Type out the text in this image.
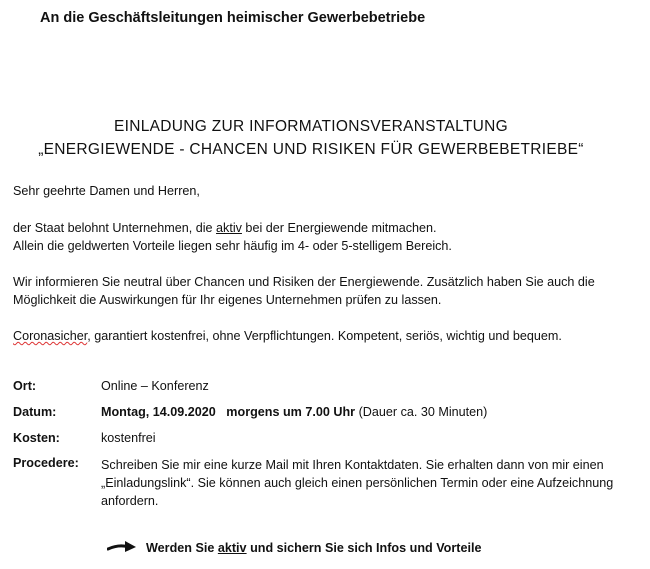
An die Geschäftsleitungen heimischer Gewerbebetriebe
EINLADUNG ZUR INFORMATIONSVERANSTALTUNG
„ENERGIEWENDE - CHANCEN UND RISIKEN FÜR GEWERBEBETRIEBE“
Sehr geehrte Damen und Herren,
der Staat belohnt Unternehmen, die aktiv bei der Energiewende mitmachen.
Allein die geldwerten Vorteile liegen sehr häufig im 4- oder 5-stelligem Bereich.
Wir informieren Sie neutral über Chancen und Risiken der Energiewende. Zusätzlich haben Sie auch die
Möglichkeit die Auswirkungen für Ihr eigenes Unternehmen prüfen zu lassen.
Coronasicher, garantiert kostenfrei, ohne Verpflichtungen. Kompetent, seriös, wichtig und bequem.
Ort:	Online – Konferenz
Datum:	Montag, 14.09.2020 morgens um 7.00 Uhr (Dauer ca. 30 Minuten)
Kosten:	kostenfrei
Procedere: Schreiben Sie mir eine kurze Mail mit Ihren Kontaktdaten. Sie erhalten dann von mir einen „Einladungslink“. Sie können auch gleich einen persönlichen Termin oder eine Aufzeichnung anfordern.
Werden Sie aktiv und sichern Sie sich Infos und Vorteile
